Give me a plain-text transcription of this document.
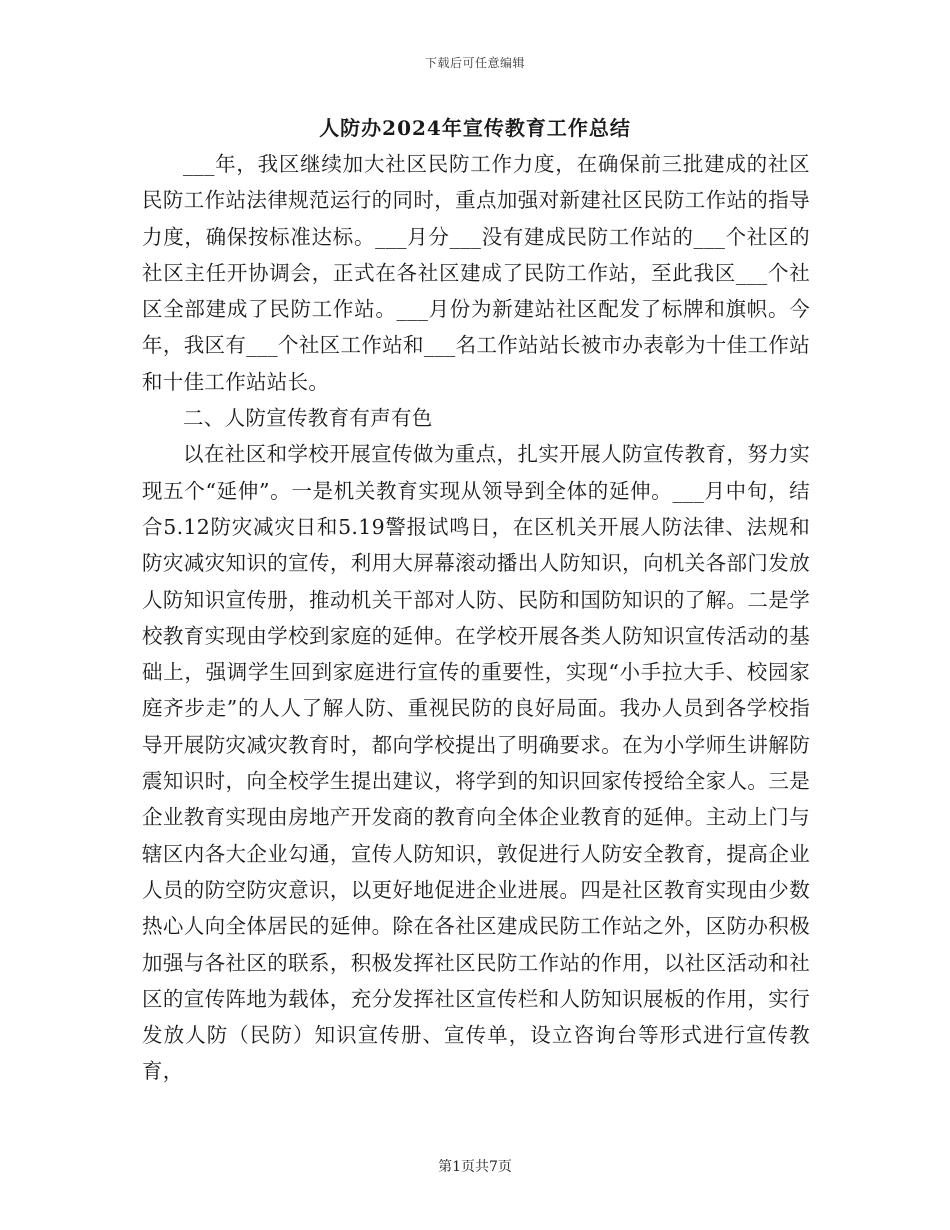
下载后可任意编辑
人防办2024年宣传教育工作总结

___年，我区继续加大社区民防工作力度，在确保前三批建成的社区民防工作站法律规范运行的同时，重点加强对新建社区民防工作站的指导力度，确保按标准达标。___月分___没有建成民防工作站的___个社区的社区主任开协调会，正式在各社区建成了民防工作站，至此我区___个社区全部建成了民防工作站。___月份为新建站社区配发了标牌和旗帜。今年，我区有___个社区工作站和___名工作站站长被市办表彰为十佳工作站和十佳工作站站长。

二、人防宣传教育有声有色

以在社区和学校开展宣传做为重点，扎实开展人防宣传教育，努力实现五个“延伸”。一是机关教育实现从领导到全体的延伸。___月中旬，结合5.12防灾减灾日和5.19警报试鸣日，在区机关开展人防法律、法规和防灾减灾知识的宣传，利用大屏幕滚动播出人防知识，向机关各部门发放人防知识宣传册，推动机关干部对人防、民防和国防知识的了解。二是学校教育实现由学校到家庭的延伸。在学校开展各类人防知识宣传活动的基础上，强调学生回到家庭进行宣传的重要性，实现“小手拉大手、校园家庭齐步走”的人人了解人防、重视民防的良好局面。我办人员到各学校指导开展防灾减灾教育时，都向学校提出了明确要求。在为小学师生讲解防震知识时，向全校学生提出建议，将学到的知识回家传授给全家人。三是企业教育实现由房地产开发商的教育向全体企业教育的延伸。主动上门与辖区内各大企业勾通，宣传人防知识，敦促进行人防安全教育，提高企业人员的防空防灾意识，以更好地促进企业进展。四是社区教育实现由少数热心人向全体居民的延伸。除在各社区建成民防工作站之外，区防办积极加强与各社区的联系，积极发挥社区民防工作站的作用，以社区活动和社区的宣传阵地为载体，充分发挥社区宣传栏和人防知识展板的作用，实行发放人防（民防）知识宣传册、宣传单，设立咨询台等形式进行宣传教育，

第1页共7页
